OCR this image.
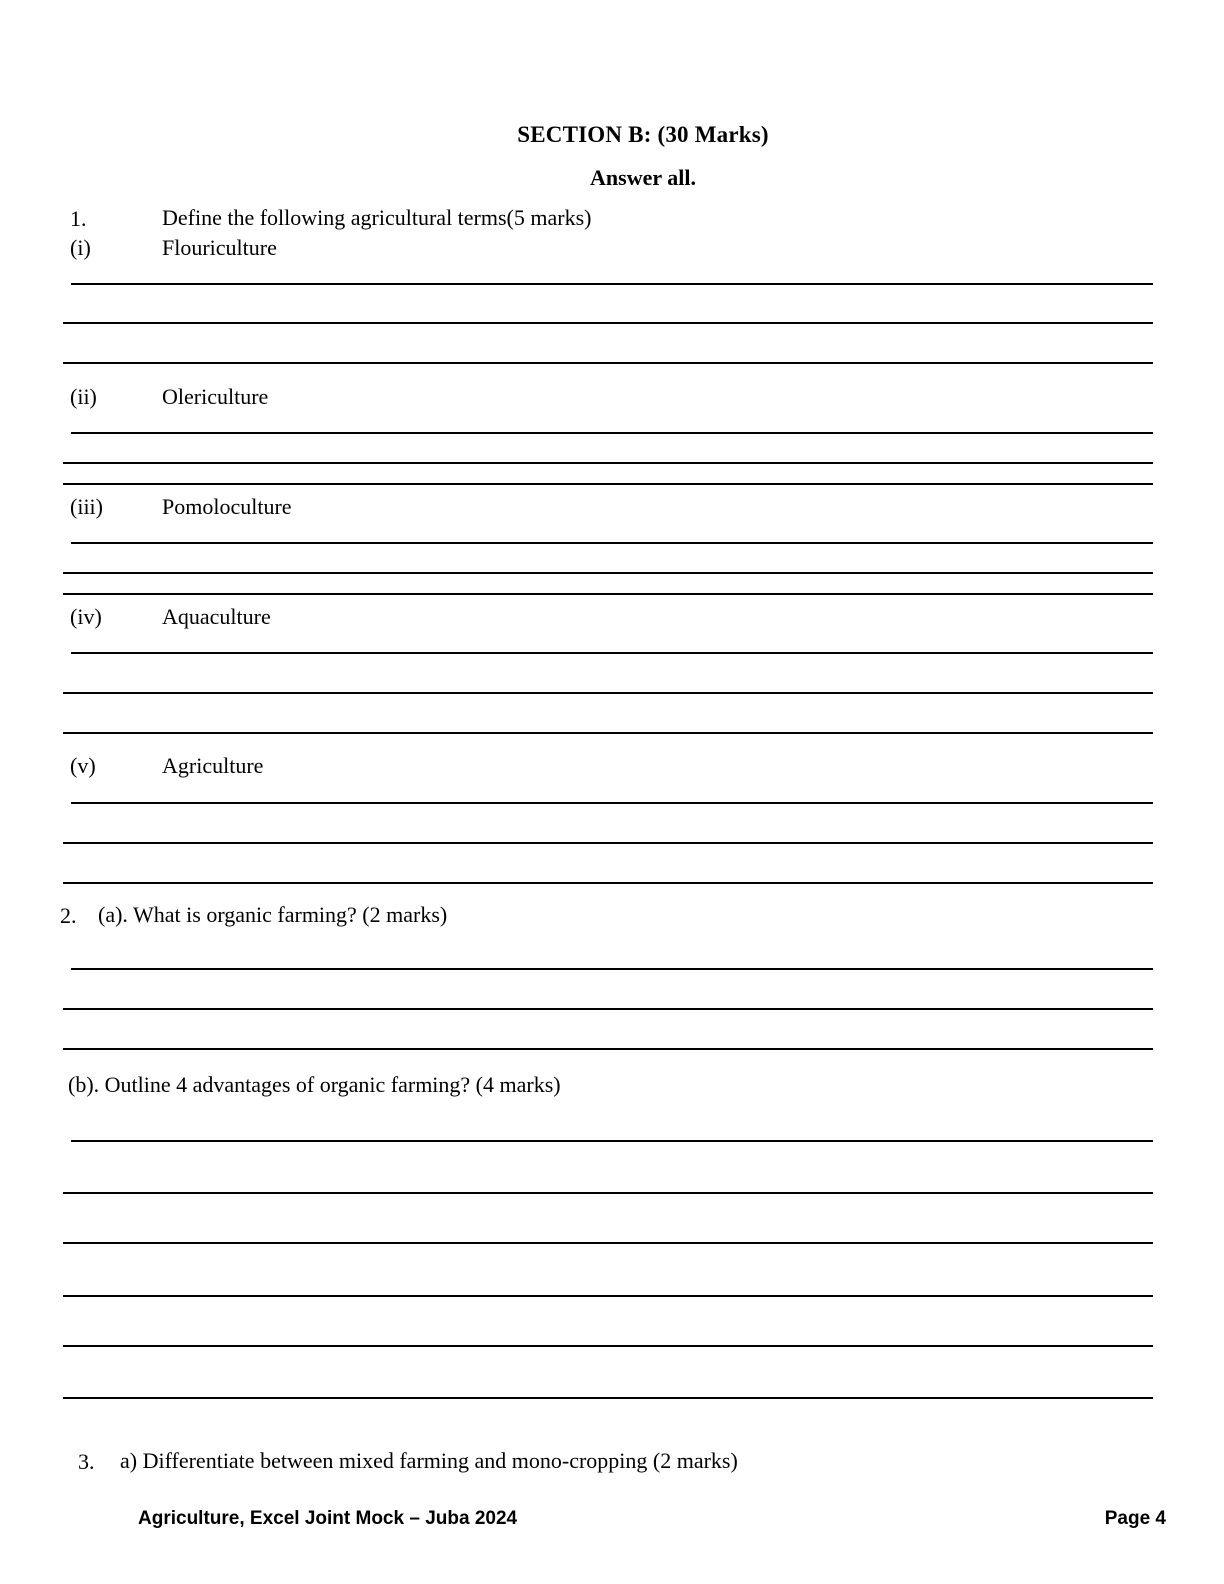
SECTION B: (30 Marks)
Answer all.
1.	Define the following agricultural terms(5 marks)
(i)	Flouriculture
(ii)	Olericulture
(iii)	Pomoloculture
(iv)	Aquaculture
(v)	Agriculture
2. (a). What is organic farming? (2 marks)
(b). Outline 4 advantages of organic farming? (4 marks)
3. a) Differentiate between mixed farming and mono-cropping (2 marks)
Agriculture, Excel Joint Mock – Juba 2024	Page 4
